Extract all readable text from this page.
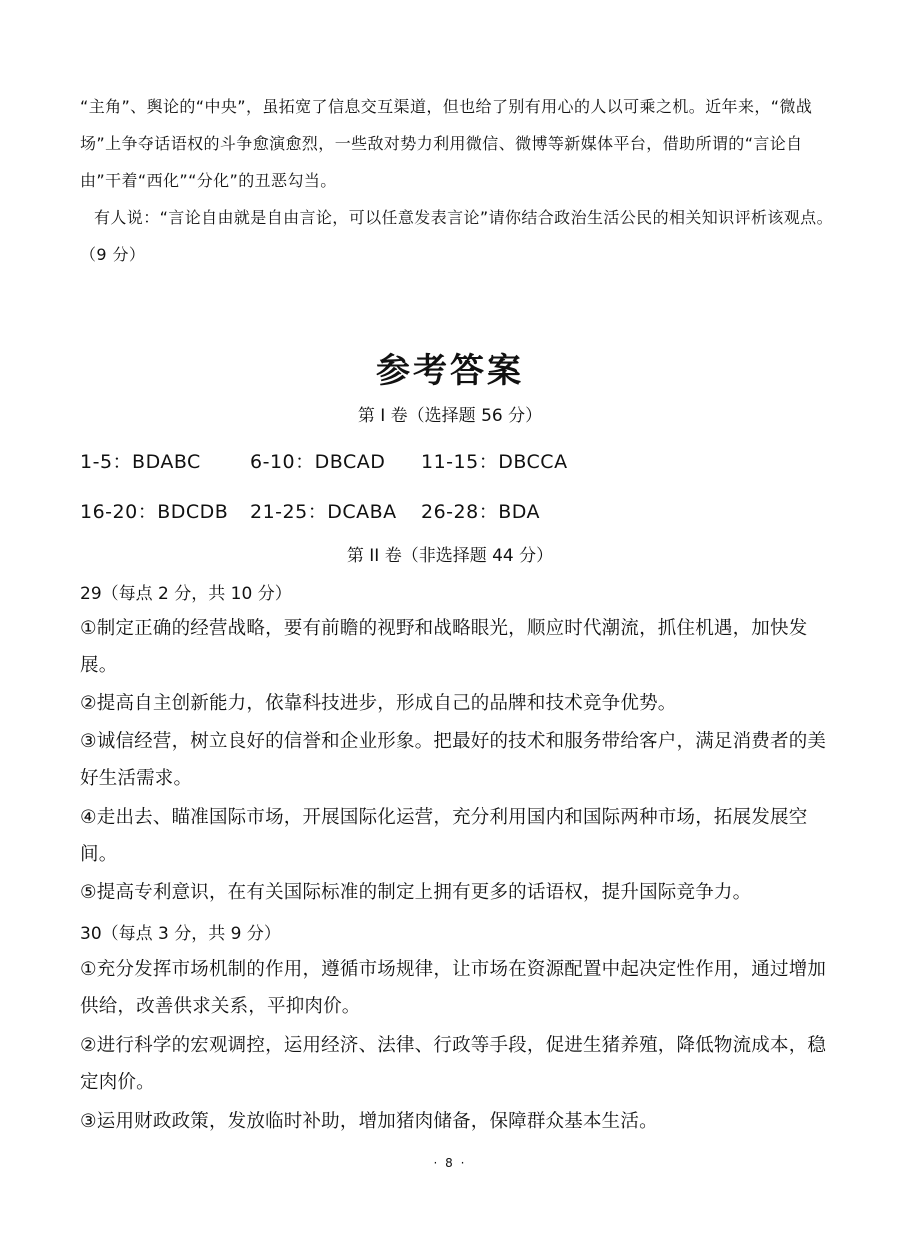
“主角”、舆论的“中央”，虽拓宽了信息交互渠道，但也给了别有用心的人以可乘之机。近年来，“微战场”上争夺话语权的斗争愈演愈烈，一些敌对势力利用微信、微博等新媒体平台，借助所谓的“言论自由”干着“西化”“分化”的丑恶勾当。
有人说：“言论自由就是自由言论，可以任意发表言论”请你结合政治生活公民的相关知识评析该观点。（9 分）
参考答案
第 I 卷（选择题 56 分）
1-5：BDABC	6-10：DBCAD 11-15：DBCCA
16-20：BDCDB 21-25：DCABA 26-28：BDA
第 II 卷（非选择题 44 分）
29（每点 2 分，共 10 分）
①制定正确的经营战略，要有前瞻的视野和战略眼光，顺应时代潮流，抓住机遇，加快发展。
②提高自主创新能力，依靠科技进步，形成自己的品牌和技术竞争优势。
③诚信经营，树立良好的信誉和企业形象。把最好的技术和服务带给客户，满足消费者的美好生活需求。
④走出去、瞄准国际市场，开展国际化运营，充分利用国内和国际两种市场，拓展发展空间。
⑤提高专利意识，在有关国际标准的制定上拥有更多的话语权，提升国际竞争力。
30（每点 3 分，共 9 分）
①充分发挥市场机制的作用，遵循市场规律，让市场在资源配置中起决定性作用，通过增加供给，改善供求关系，平抑肉价。
②进行科学的宏观调控，运用经济、法律、行政等手段，促进生猪养殖，降低物流成本，稳定肉价。
③运用财政政策，发放临时补助，增加猪肉储备，保障群众基本生活。
· 8 ·
